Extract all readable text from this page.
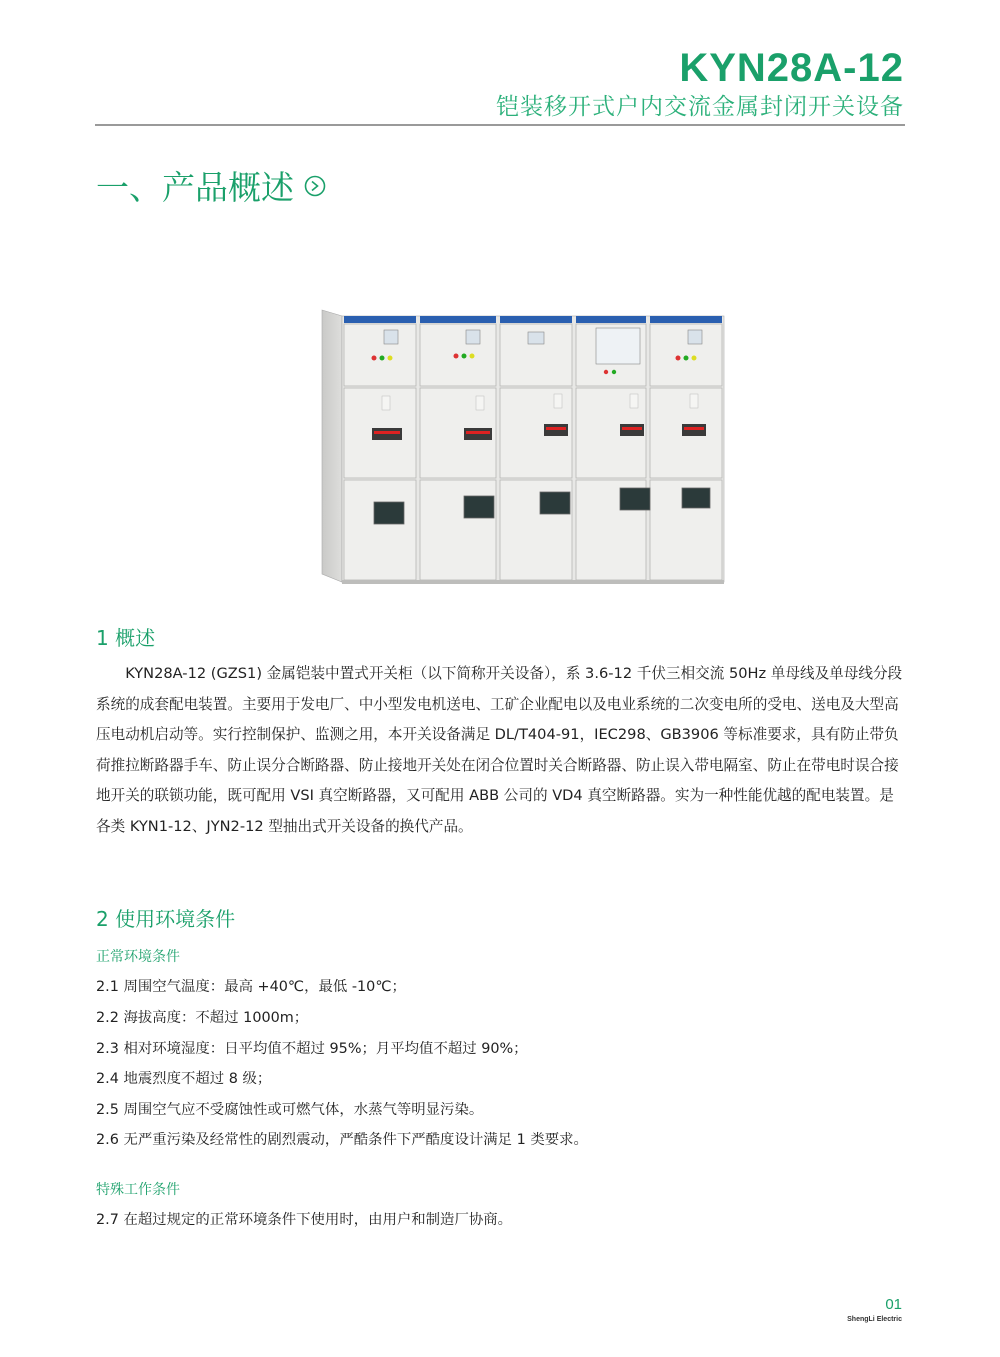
KYN28A-12
铠装移开式户内交流金属封闭开关设备
一、产品概述
1 概述
KYN28A-12 (GZS1) 金属铠装中置式开关柜（以下简称开关设备），系 3.6-12 千伏三相交流 50Hz 单母线及单母线分段系统的成套配电装置。主要用于发电厂、中小型发电机送电、工矿企业配电以及电业系统的二次变电所的受电、送电及大型高压电动机启动等。实行控制保护、监测之用，本开关设备满足 DL/T404-91，IEC298、GB3906 等标准要求，具有防止带负荷推拉断路器手车、防止误分合断路器、防止接地开关处在闭合位置时关合断路器、防止误入带电隔室、防止在带电时误合接地开关的联锁功能，既可配用 VSI 真空断路器，又可配用 ABB 公司的 VD4 真空断路器。实为一种性能优越的配电装置。是各类 KYN1-12、JYN2-12 型抽出式开关设备的换代产品。
2 使用环境条件
正常环境条件
2.1 周围空气温度：最高 +40℃，最低 -10℃；
2.2 海拔高度：不超过 1000m；
2.3 相对环境湿度：日平均值不超过 95%；月平均值不超过 90%；
2.4 地震烈度不超过 8 级；
2.5 周围空气应不受腐蚀性或可燃气体，水蒸气等明显污染。
2.6 无严重污染及经常性的剧烈震动，严酷条件下严酷度设计满足 1 类要求。
特殊工作条件
2.7 在超过规定的正常环境条件下使用时，由用户和制造厂协商。
01
ShengLi Electric
